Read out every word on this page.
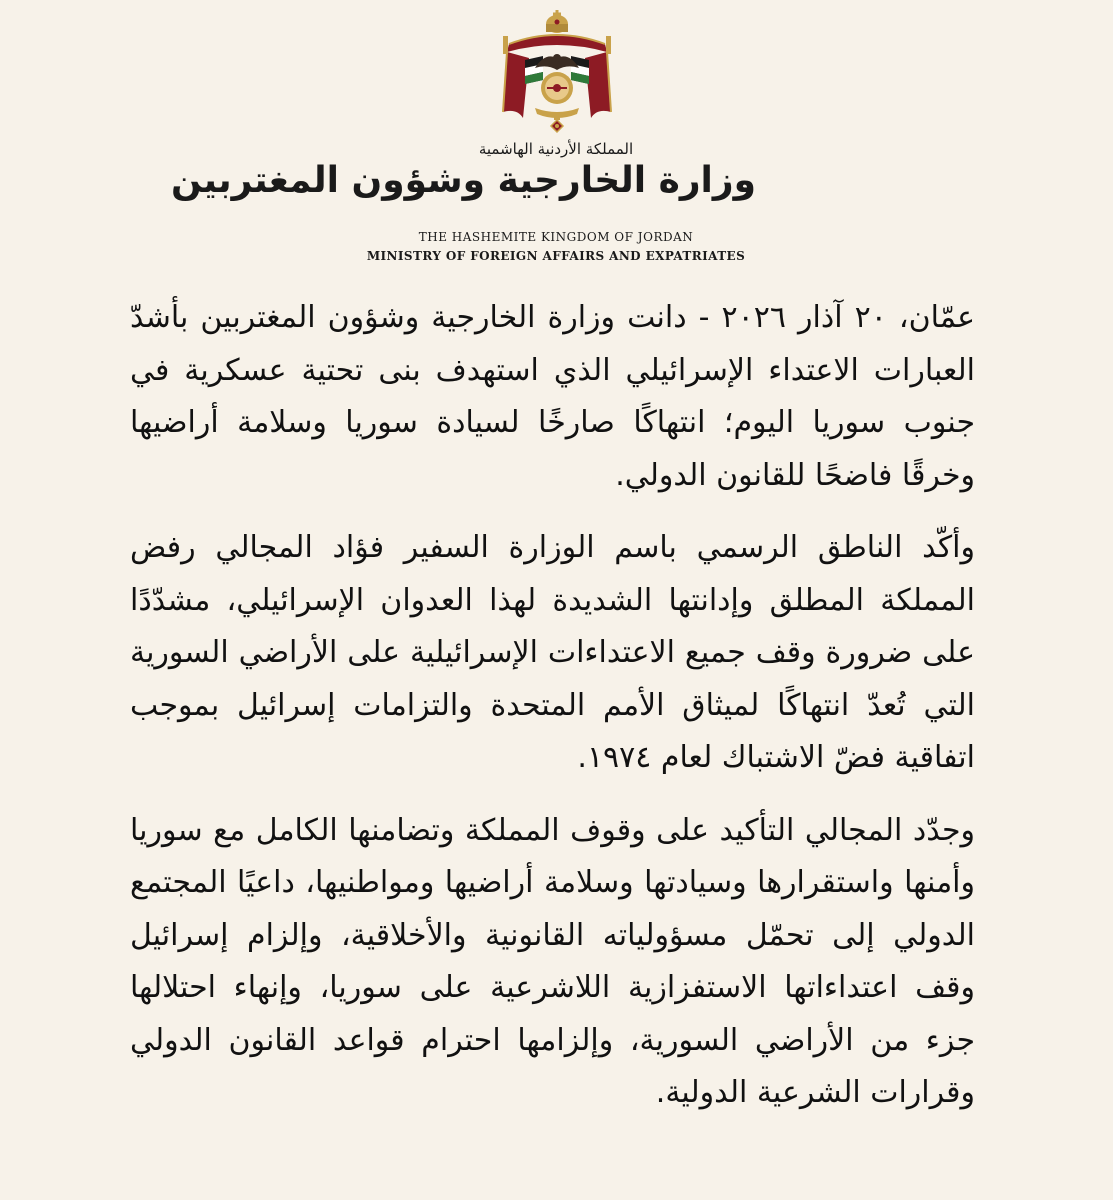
المملكة الأردنية الهاشمية
وزارة الخارجية وشؤون المغتربين
THE HASHEMITE KINGDOM OF JORDAN
MINISTRY OF FOREIGN AFFAIRS AND EXPATRIATES

عمّان، ٢٠ آذار ٢٠٢٦ - دانت وزارة الخارجية وشؤون المغتربين بأشدّ العبارات الاعتداء الإسرائيلي الذي استهدف بنى تحتية عسكرية في جنوب سوريا اليوم؛ انتهاكًا صارخًا لسيادة سوريا وسلامة أراضيها وخرقًا فاضحًا للقانون الدولي.

وأكّد الناطق الرسمي باسم الوزارة السفير فؤاد المجالي رفض المملكة المطلق وإدانتها الشديدة لهذا العدوان الإسرائيلي، مشدّدًا على ضرورة وقف جميع الاعتداءات الإسرائيلية على الأراضي السورية التي تُعدّ انتهاكًا لميثاق الأمم المتحدة والتزامات إسرائيل بموجب اتفاقية فضّ الاشتباك لعام ١٩٧٤.

وجدّد المجالي التأكيد على وقوف المملكة وتضامنها الكامل مع سوريا وأمنها واستقرارها وسيادتها وسلامة أراضيها ومواطنيها، داعيًا المجتمع الدولي إلى تحمّل مسؤولياته القانونية والأخلاقية، وإلزام إسرائيل وقف اعتداءاتها الاستفزازية اللاشرعية على سوريا، وإنهاء احتلالها جزء من الأراضي السورية، وإلزامها احترام قواعد القانون الدولي وقرارات الشرعية الدولية.
